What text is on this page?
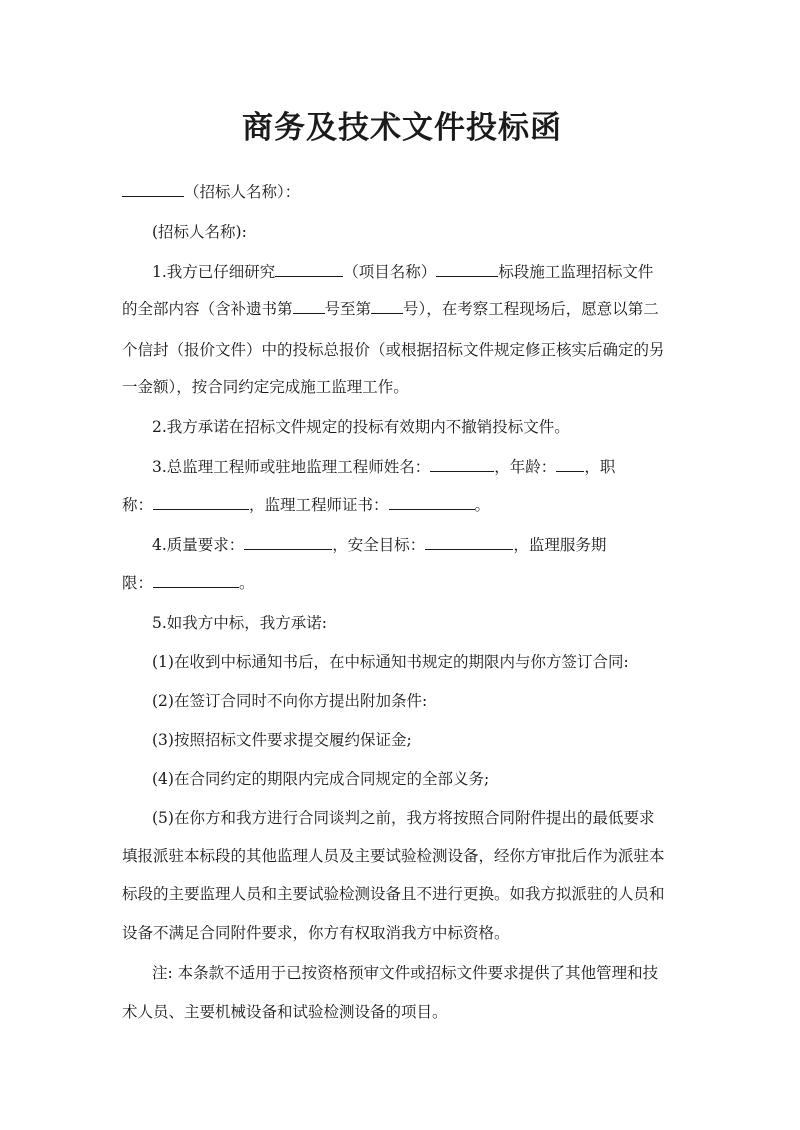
商务及技术文件投标函
（招标人名称）：
(招标人名称):
1.我方已仔细研究	（项目名称）	标段施工监理招标文件
的全部内容（含补遗书第 号至第 号），在考察工程现场后，愿意以第二
个信封（报价文件）中的投标总报价（或根据招标文件规定修正核实后确定的另
一金额），按合同约定完成施工监理工作。
2.我方承诺在招标文件规定的投标有效期内不撤销投标文件。
3.总监理工程师或驻地监理工程师姓名：	，年龄： ，职
称：	，监理工程师证书：	。
4.质量要求：	，安全目标：	，监理服务期
限：	。
5.如我方中标，我方承诺:
(1)在收到中标通知书后，在中标通知书规定的期限内与你方签订合同:
(2)在签订合同时不向你方提出附加条件:
(3)按照招标文件要求提交履约保证金;
(4)在合同约定的期限内完成合同规定的全部义务;
(5)在你方和我方进行合同谈判之前，我方将按照合同附件提出的最低要求
填报派驻本标段的其他监理人员及主要试验检测设备，经你方审批后作为派驻本
标段的主要监理人员和主要试验检测设备且不进行更换。如我方拟派驻的人员和
设备不满足合同附件要求，你方有权取消我方中标资格。
注: 本条款不适用于已按资格预审文件或招标文件要求提供了其他管理和技
术人员、主要机械设备和试验检测设备的项目。
